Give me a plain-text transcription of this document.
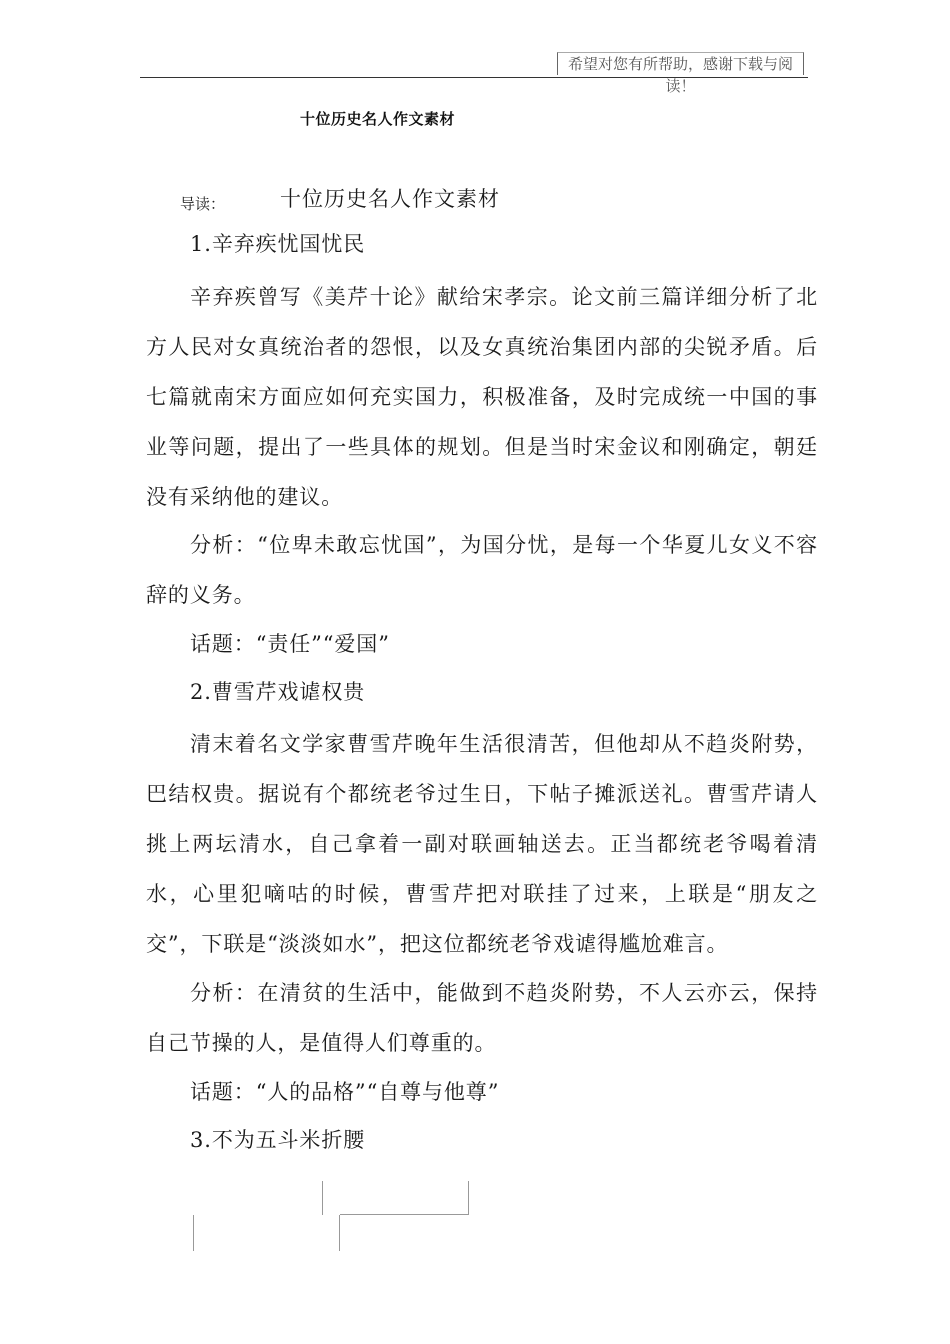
希望对您有所帮助，感谢下载与阅读！
十位历史名人作文素材
导读：	十位历史名人作文素材
1.辛弃疾忧国忧民
辛弃疾曾写《美芹十论》献给宋孝宗。论文前三篇详细分析了北方人民对女真统治者的怨恨，以及女真统治集团内部的尖锐矛盾。后七篇就南宋方面应如何充实国力，积极准备，及时完成统一中国的事业等问题，提出了一些具体的规划。但是当时宋金议和刚确定，朝廷没有采纳他的建议。
分析：“位卑未敢忘忧国”，为国分忧，是每一个华夏儿女义不容辞的义务。
话题：“责任”“爱国”
2.曹雪芹戏谑权贵
清末着名文学家曹雪芹晚年生活很清苦，但他却从不趋炎附势，巴结权贵。据说有个都统老爷过生日，下帖子摊派送礼。曹雪芹请人挑上两坛清水，自己拿着一副对联画轴送去。正当都统老爷喝着清水，心里犯嘀咕的时候，曹雪芹把对联挂了过来，上联是“朋友之交”，下联是“淡淡如水”，把这位都统老爷戏谑得尴尬难言。
分析：在清贫的生活中，能做到不趋炎附势，不人云亦云，保持自己节操的人，是值得人们尊重的。
话题：“人的品格”“自尊与他尊”
3.不为五斗米折腰
